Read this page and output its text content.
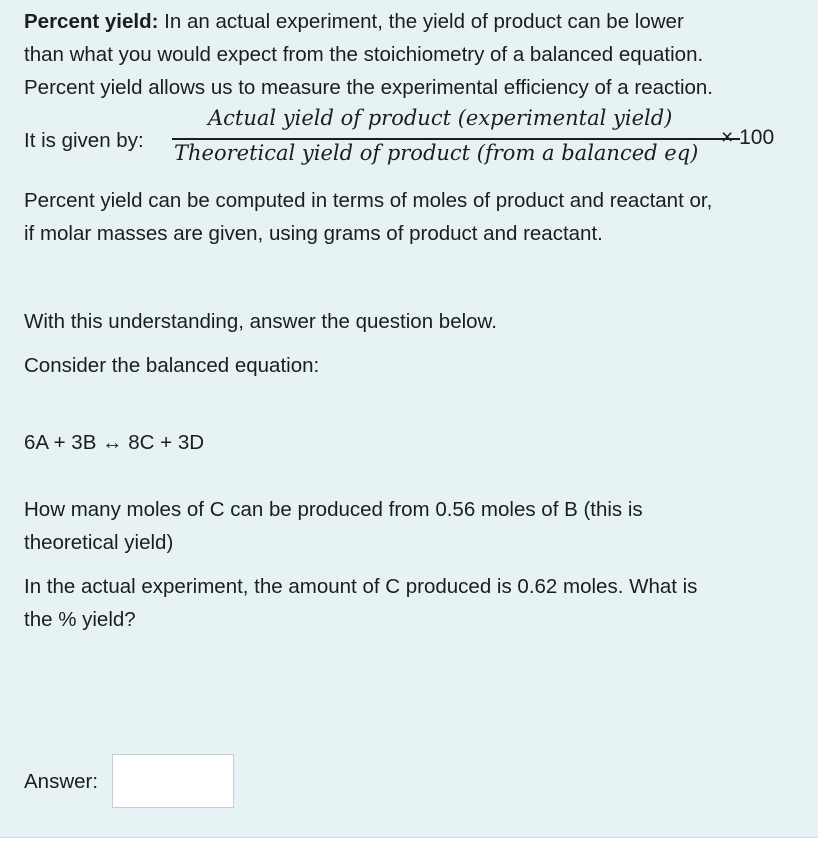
Percent yield: In an actual experiment, the yield of product can be lower

than what you would expect from the stoichiometry of a balanced equation.

Percent yield allows us to measure the experimental efficiency of a reaction.

It is given by:
Actual yield of product (experimental yield)
Theoretical yield of product (from a balanced eq)
× 100

Percent yield can be computed in terms of moles of product and reactant or,

if molar masses are given, using grams of product and reactant.

With this understanding, answer the question below.

Consider the balanced equation:

6A + 3B ↔ 8C + 3D

How many moles of C can be produced from 0.56 moles of B (this is

theoretical yield)

In the actual experiment, the amount of C produced is 0.62 moles. What is

the % yield?

Answer:
